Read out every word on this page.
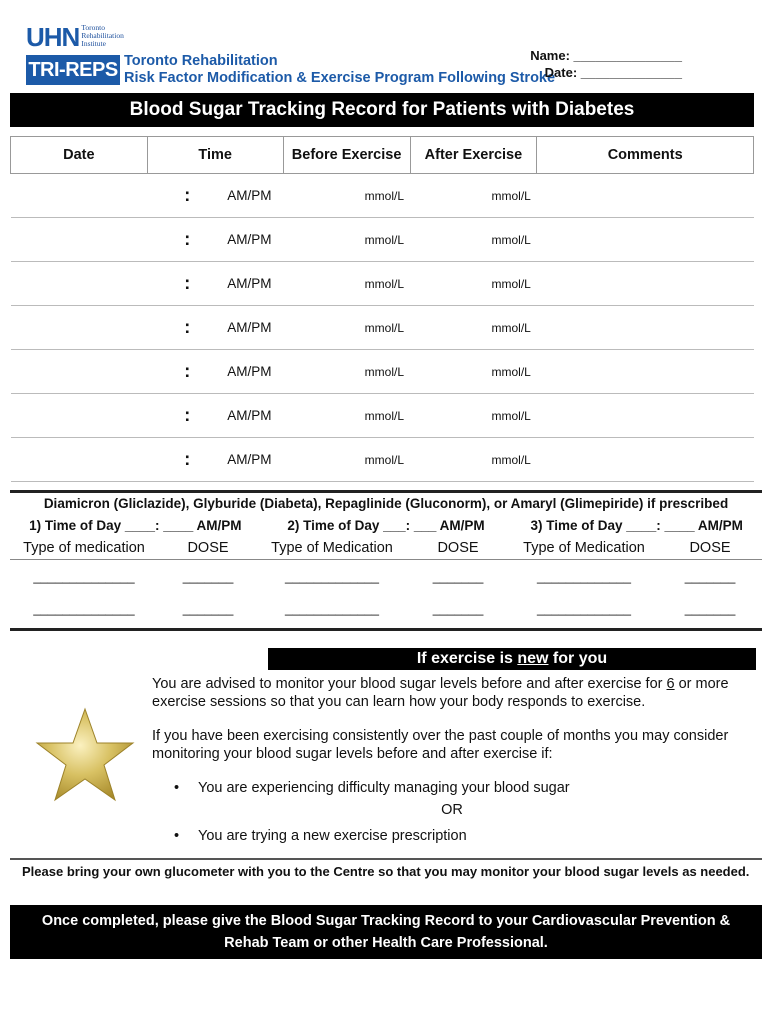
UHN Toronto
Rehabilitation
Institute
TRI-REPS Toronto Rehabilitation
Risk Factor Modification & Exercise Program Following Stroke
Name: _______________
Date: ______________
Blood Sugar Tracking Record for Patients with Diabetes
Date	Time	Before Exercise	After Exercise	Comments

	: AM/PM	mmol/L	mmol/L	

	: AM/PM	mmol/L	mmol/L	

	: AM/PM	mmol/L	mmol/L	

	: AM/PM	mmol/L	mmol/L	

	: AM/PM	mmol/L	mmol/L	

	: AM/PM	mmol/L	mmol/L	

	: AM/PM	mmol/L	mmol/L	
Diamicron (Gliclazide), Glyburide (Diabeta), Repaglinide (Gluconorm), or Amaryl (Glimepiride) if prescribed
1) Time of Day ____: ____ AM/PM	2) Time of Day ___: ___ AM/PM	3) Time of Day ____: ____ AM/PM
Type of medication	DOSE	Type of Medication	DOSE	Type of Medication	DOSE
______________	_______	_____________	_______	_____________	_______
______________	_______	_____________	_______	_____________	_______
If exercise is new for you

You are advised to monitor your blood sugar levels before and after exercise for 6 or more exercise sessions so that you can learn how your body responds to exercise.

If you have been exercising consistently over the past couple of months you may consider monitoring your blood sugar levels before and after exercise if:

•	You are experiencing difficulty managing your blood sugar
OR
•	You are trying a new exercise prescription
Please bring your own glucometer with you to the Centre so that you may monitor your blood sugar levels as needed.
Once completed, please give the Blood Sugar Tracking Record to your Cardiovascular Prevention &
Rehab Team or other Health Care Professional.
